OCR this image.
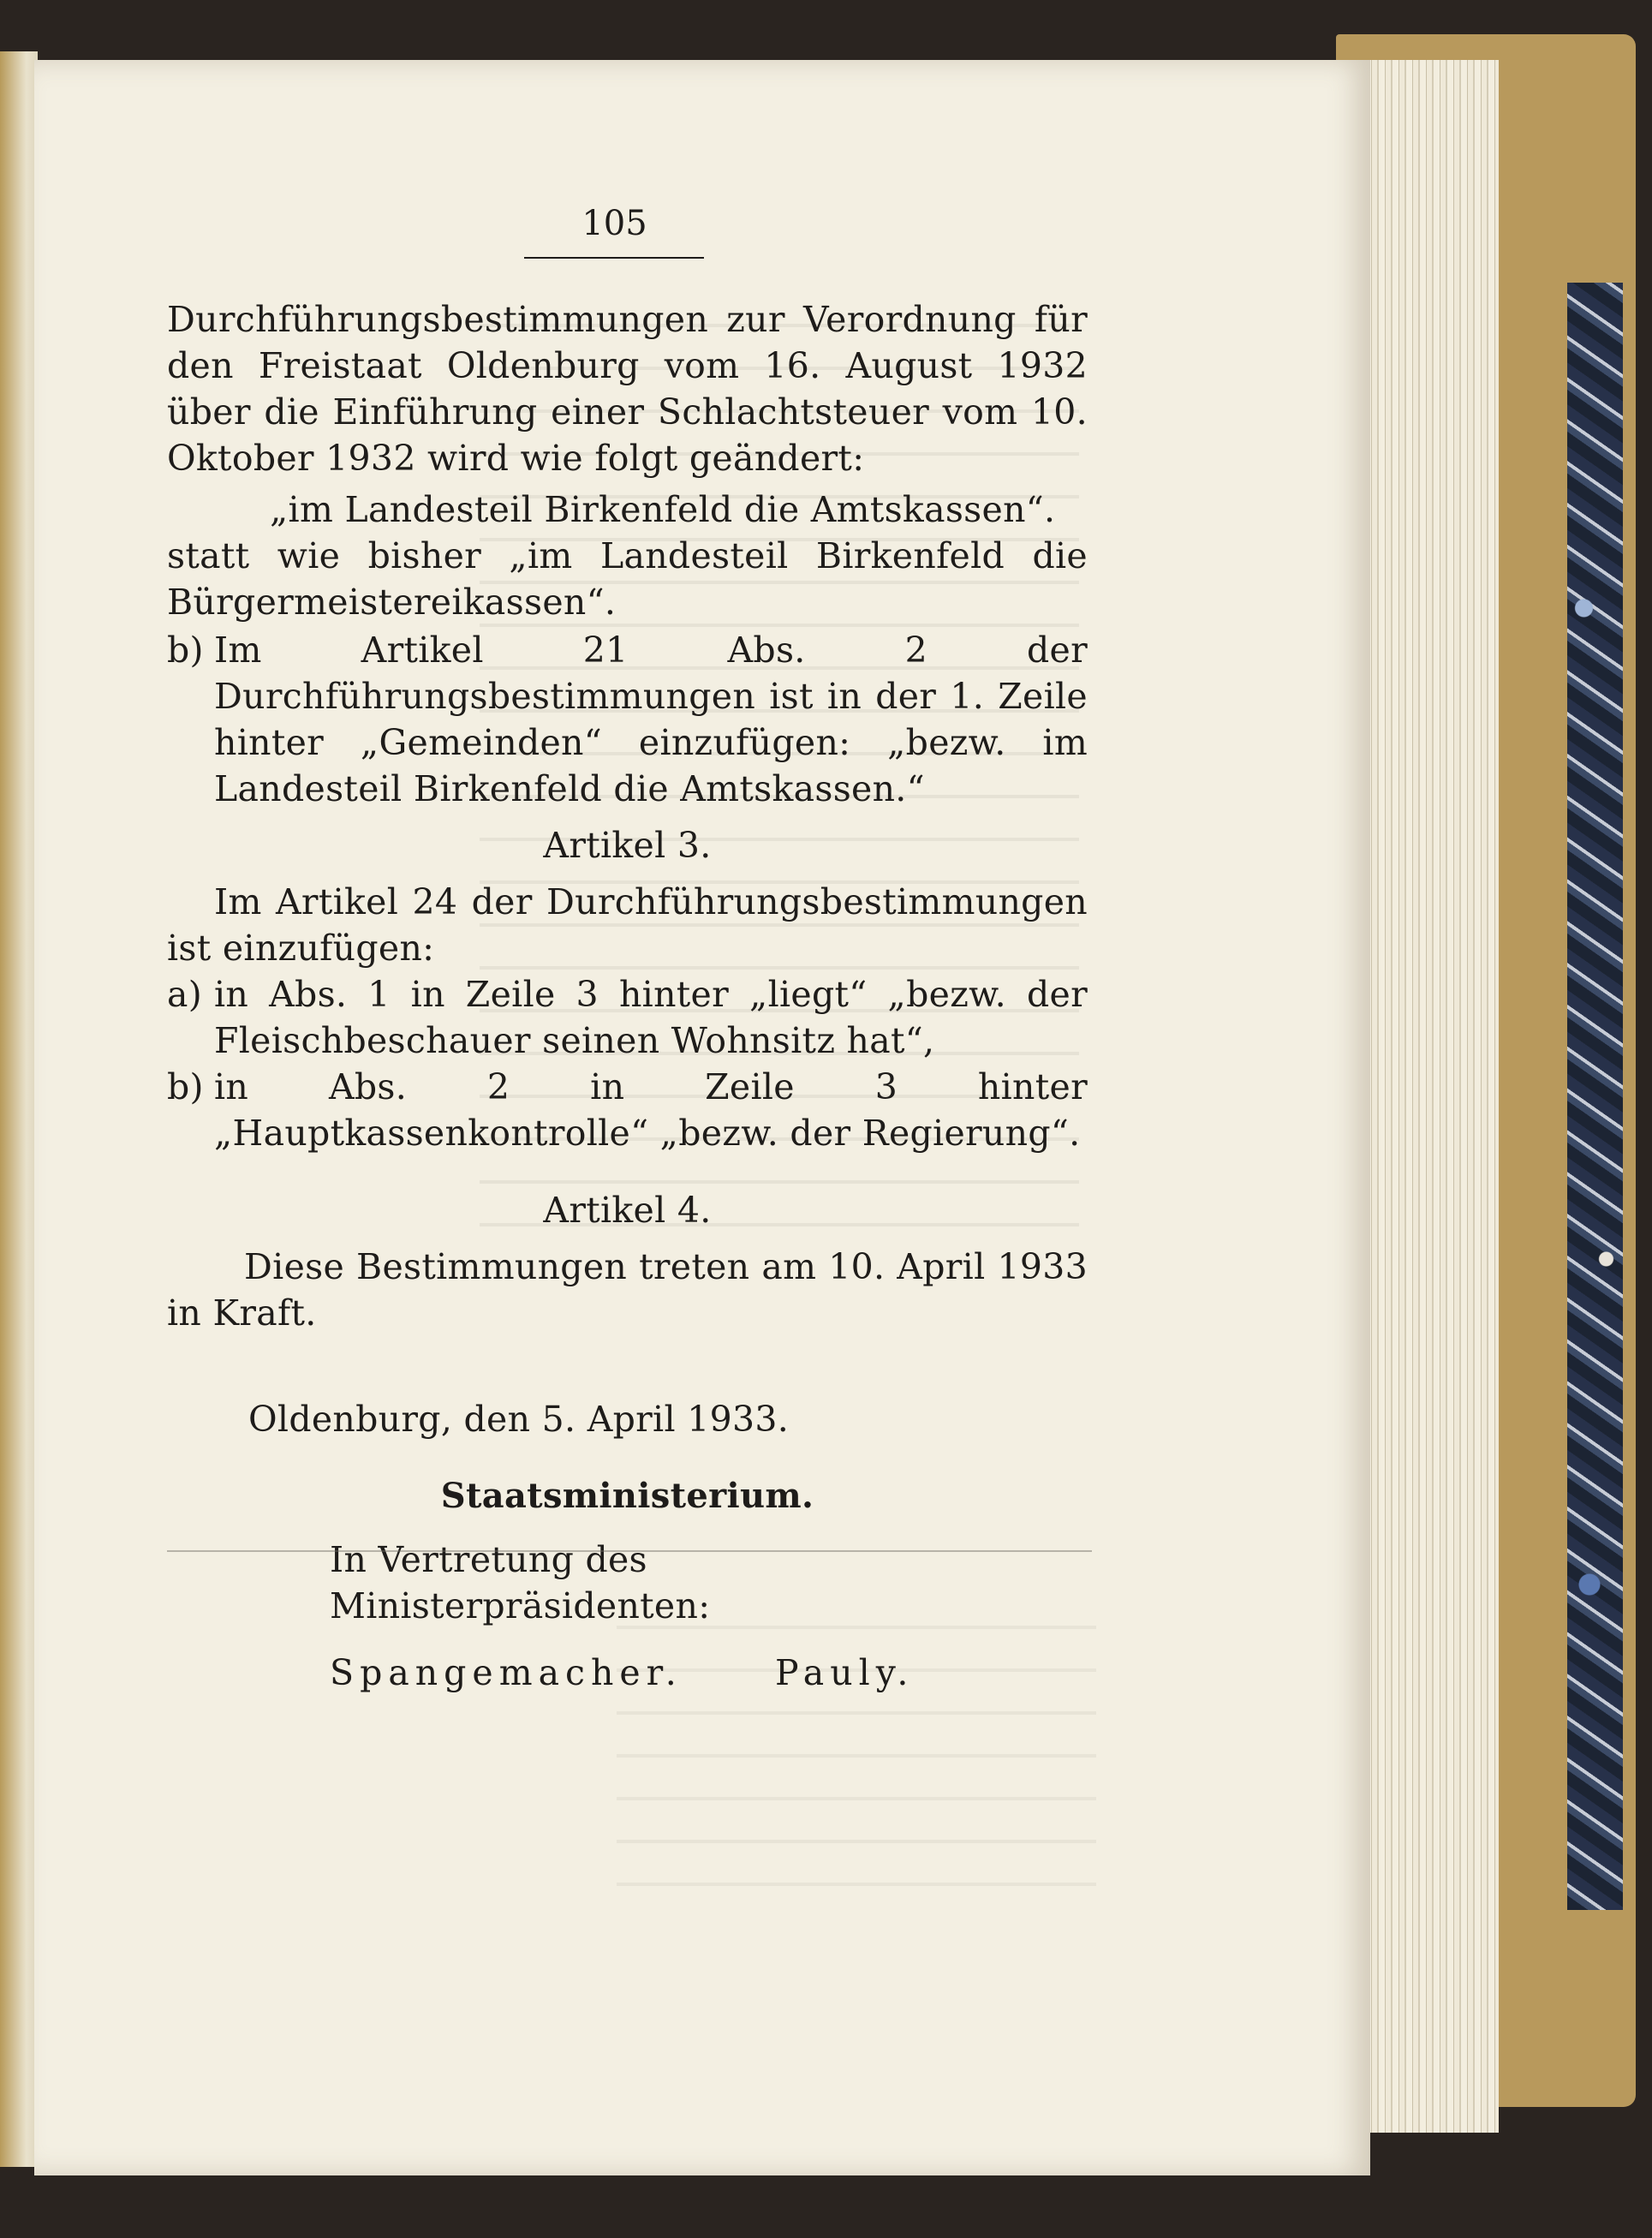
105

Durchführungsbestimmungen zur Verordnung für den Freistaat Oldenburg vom 16. August 1932 über die Einführung einer Schlachtsteuer vom 10. Oktober 1932 wird wie folgt geändert:

„im Landesteil Birkenfeld die Amtskassen“.

statt wie bisher „im Landesteil Birkenfeld die Bürgermeistereikassen“.

b) Im Artikel 21 Abs. 2 der Durchführungsbestimmungen ist in der 1. Zeile hinter „Gemeinden“ einzufügen: „bezw. im Landesteil Birkenfeld die Amtskassen.“

Artikel 3.

Im Artikel 24 der Durchführungsbestimmungen ist einzufügen:

a) in Abs. 1 in Zeile 3 hinter „liegt“ „bezw. der Fleischbeschauer seinen Wohnsitz hat“,
b) in Abs. 2 in Zeile 3 hinter „Hauptkassenkontrolle“ „bezw. der Regierung“.

Artikel 4.

Diese Bestimmungen treten am 10. April 1933 in Kraft.

Oldenburg, den 5. April 1933.

Staatsministerium.

In Vertretung des

Ministerpräsidenten:

Spangemacher.	Pauly.
